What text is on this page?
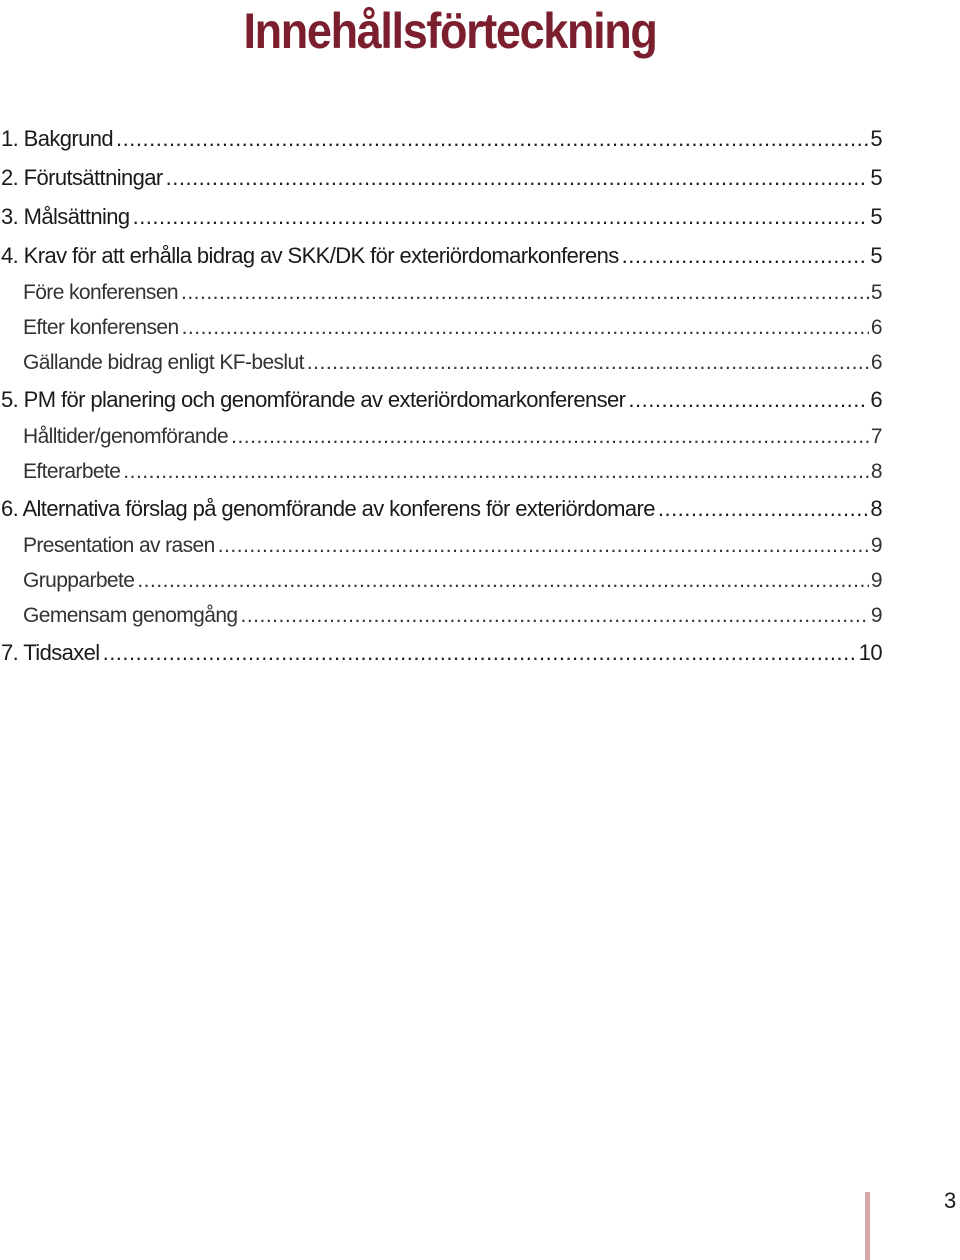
Innehållsförteckning
1. Bakgrund .....	5
2. Förutsättningar .....	5
3. Målsättning .....	5
4. Krav för att erhålla bidrag av SKK/DK för exteriördomarkonferens .....	5
Före konferensen .....	5
Efter konferensen .....	6
Gällande bidrag enligt KF-beslut .....	6
5. PM för planering och genomförande av exteriördomarkonferenser .....	6
Hålltider/genomförande .....	7
Efterarbete .....	8
6. Alternativa förslag på genomförande av konferens för exteriördomare .....	8
Presentation av rasen .....	9
Grupparbete .....	9
Gemensam genomgång .....	9
7. Tidsaxel .....	10
3
